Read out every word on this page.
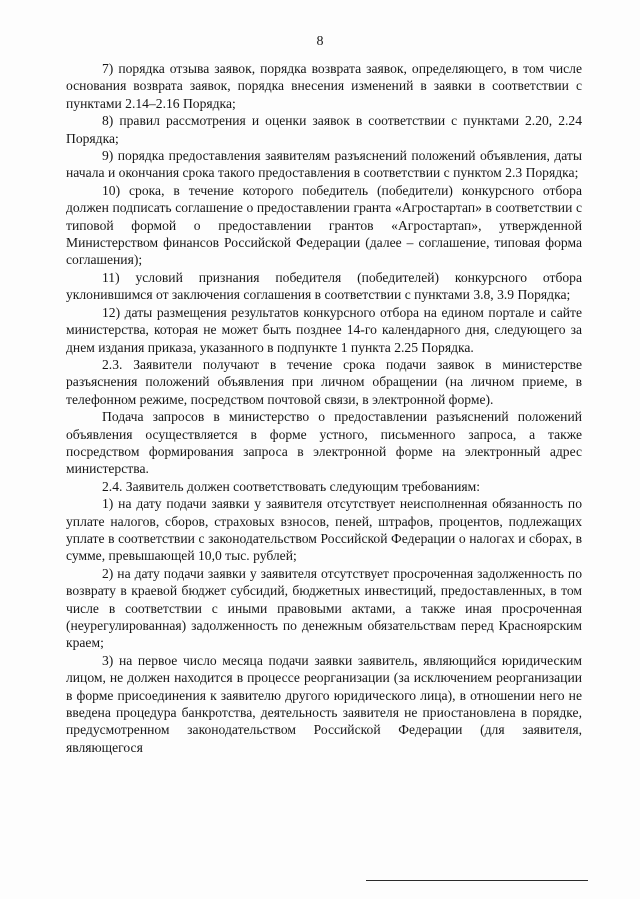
8

7) порядка отзыва заявок, порядка возврата заявок, определяющего, в том числе основания возврата заявок, порядка внесения изменений в заявки в соответствии с пунктами 2.14–2.16 Порядка;

8) правил рассмотрения и оценки заявок в соответствии с пунктами 2.20, 2.24 Порядка;

9) порядка предоставления заявителям разъяснений положений объявления, даты начала и окончания срока такого предоставления в соответствии с пунктом 2.3 Порядка;

10) срока, в течение которого победитель (победители) конкурсного отбора должен подписать соглашение о предоставлении гранта «Агростартап» в соответствии с типовой формой о предоставлении грантов «Агростартап», утвержденной Министерством финансов Российской Федерации (далее – соглашение, типовая форма соглашения);

11) условий признания победителя (победителей) конкурсного отбора уклонившимся от заключения соглашения в соответствии с пунктами 3.8, 3.9 Порядка;

12) даты размещения результатов конкурсного отбора на едином портале и сайте министерства, которая не может быть позднее 14-го календарного дня, следующего за днем издания приказа, указанного в подпункте 1 пункта 2.25 Порядка.

2.3. Заявители получают в течение срока подачи заявок в министерстве разъяснения положений объявления при личном обращении (на личном приеме, в телефонном режиме, посредством почтовой связи, в электронной форме).

Подача запросов в министерство о предоставлении разъяснений положений объявления осуществляется в форме устного, письменного запроса, а также посредством формирования запроса в электронной форме на электронный адрес министерства.

2.4. Заявитель должен соответствовать следующим требованиям:

1) на дату подачи заявки у заявителя отсутствует неисполненная обязанность по уплате налогов, сборов, страховых взносов, пеней, штрафов, процентов, подлежащих уплате в соответствии с законодательством Российской Федерации о налогах и сборах, в сумме, превышающей 10,0 тыс. рублей;

2) на дату подачи заявки у заявителя отсутствует просроченная задолженность по возврату в краевой бюджет субсидий, бюджетных инвестиций, предоставленных, в том числе в соответствии с иными правовыми актами, а также иная просроченная (неурегулированная) задолженность по денежным обязательствам перед Красноярским краем;

3) на первое число месяца подачи заявки заявитель, являющийся юридическим лицом, не должен находится в процессе реорганизации (за исключением реорганизации в форме присоединения к заявителю другого юридического лица), в отношении него не введена процедура банкротства, деятельность заявителя не приостановлена в порядке, предусмотренном законодательством Российской Федерации (для заявителя, являющегося
